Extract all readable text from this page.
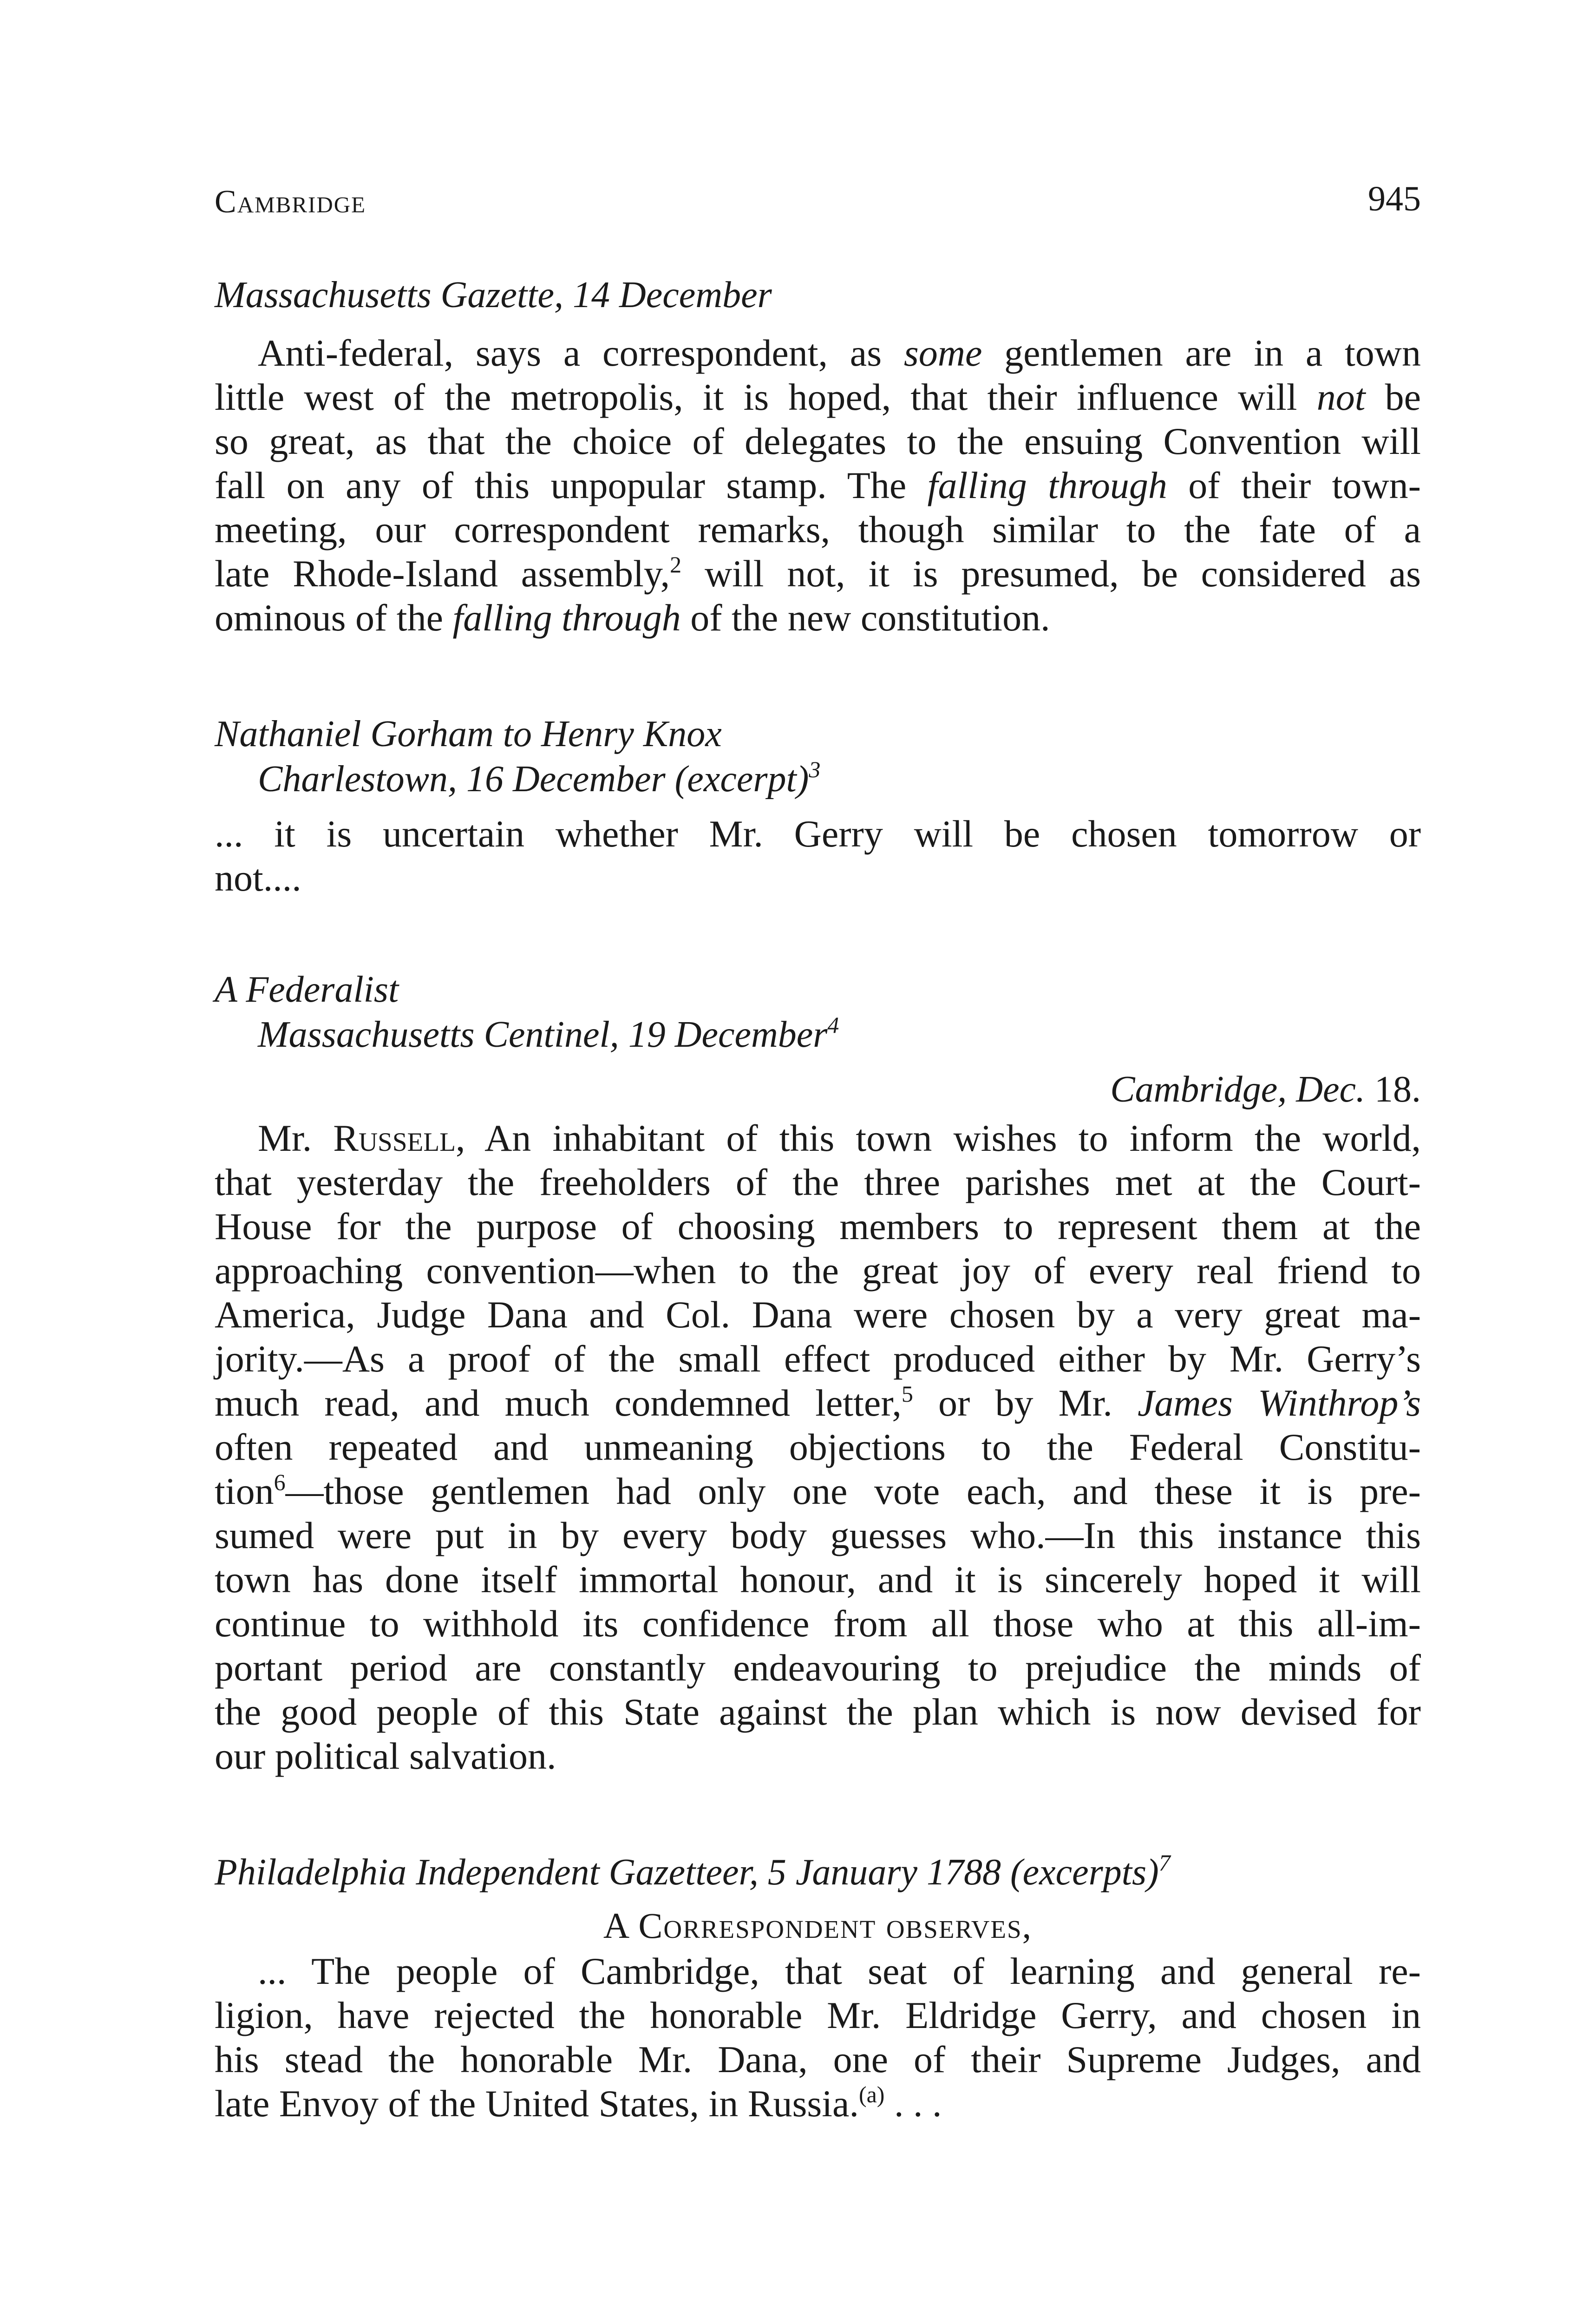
Cambridge	945
Massachusetts Gazette, 14 December
Anti-federal, says a correspondent, as some gentlemen are in a town
little west of the metropolis, it is hoped, that their influence will not be
so great, as that the choice of delegates to the ensuing Convention will
fall on any of this unpopular stamp. The falling through of their town-
meeting, our correspondent remarks, though similar to the fate of a
late Rhode-Island assembly,$^2$ will not, it is presumed, be considered as
ominous of the falling through of the new constitution.
Nathaniel Gorham to Henry Knox
Charlestown, 16 December (excerpt)$^3$
... it is uncertain whether Mr. Gerry will be chosen tomorrow or
not....
A Federalist
Massachusetts Centinel, 19 December$^4$
Cambridge, Dec. 18.
Mr. Russell, An inhabitant of this town wishes to inform the world,
that yesterday the freeholders of the three parishes met at the Court-
House for the purpose of choosing members to represent them at the
approaching convention—when to the great joy of every real friend to
America, Judge Dana and Col. Dana were chosen by a very great ma-
jority.—As a proof of the small effect produced either by Mr. Gerry’s
much read, and much condemned letter,$^5$ or by Mr. James Winthrop’s
often repeated and unmeaning objections to the Federal Constitu-
tion$^6$—those gentlemen had only one vote each, and these it is pre-
sumed were put in by every body guesses who.—In this instance this
town has done itself immortal honour, and it is sincerely hoped it will
continue to withhold its confidence from all those who at this all-im-
portant period are constantly endeavouring to prejudice the minds of
the good people of this State against the plan which is now devised for
our political salvation.
Philadelphia Independent Gazetteer, 5 January 1788 (excerpts)$^7$
A Correspondent observes,
... The people of Cambridge, that seat of learning and general re-
ligion, have rejected the honorable Mr. Eldridge Gerry, and chosen in
his stead the honorable Mr. Dana, one of their Supreme Judges, and
late Envoy of the United States, in Russia.$^{(a)}$ . . .
